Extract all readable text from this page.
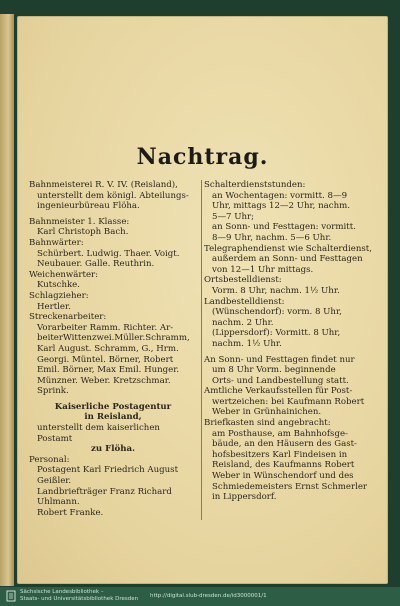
Nachtrag.

Bahnmeisterei R. V. IV. (Reisland),

unterstellt dem königl. Abteilungs-

ingenieurbüreau Flöha.

Bahnmeister 1. Klasse:

Karl Christoph Bach.

Bahnwärter:

Schürbert. Ludwig. Thaer. Voigt.

Neubauer. Galle. Reuthrin.

Weichenwärter:

Kutschke.

Schlagzieher:

Hertler.

Streckenarbeiter:

Vorarbeiter Ramm. Richter. Ar-

beiterWittenzwei.Müller.Schramm,

Karl August. Schramm, G., Hrm.

Georgi. Müntel. Börner, Robert

Emil. Börner, Max Emil. Hunger.

Münzner. Weber. Kretzschmar.

Sprink.

Kaiserliche Postagentur

in Reisland,

unterstellt dem kaiserlichen Postamt

zu Flöha.

Personal:

Postagent Karl Friedrich August

Geißler.

Landbriefträger Franz Richard

Uhlmann.

Robert Franke.

Schalterdienststunden:

an Wochentagen: vormitt. 8—9

Uhr, mittags 12—2 Uhr, nachm.

5—7 Uhr;

an Sonn- und Festtagen: vormitt.

8—9 Uhr, nachm. 5—6 Uhr.

Telegraphendienst wie Schalterdienst,

außerdem an Sonn- und Festtagen

von 12—1 Uhr mittags.

Ortsbestelldienst:

Vorm. 8 Uhr, nachm. 1½ Uhr.

Landbestelldienst:

(Wünschendorf): vorm. 8 Uhr,

nachm. 2 Uhr.

(Lippersdorf): Vormitt. 8 Uhr,

nachm. 1½ Uhr.

An Sonn- und Festtagen findet nur

um 8 Uhr Vorm. beginnende

Orts- und Landbestellung statt.

Amtliche Verkaufsstellen für Post-

wertzeichen: bei Kaufmann Robert

Weber in Grünhainichen.

Briefkasten sind angebracht:

am Posthause, am Bahnhofsge-

bäude, an den Häusern des Gast-

hofsbesitzers Karl Findeisen in

Reisland, des Kaufmanns Robert

Weber in Wünschendorf und des

Schmiedemeisters Ernst Schmerler

in Lippersdorf.

Sächsische Landesbibliothek –
Staats- und Universitätsbibliothek Dresden http://digital.slub-dresden.de/id3000001/1
